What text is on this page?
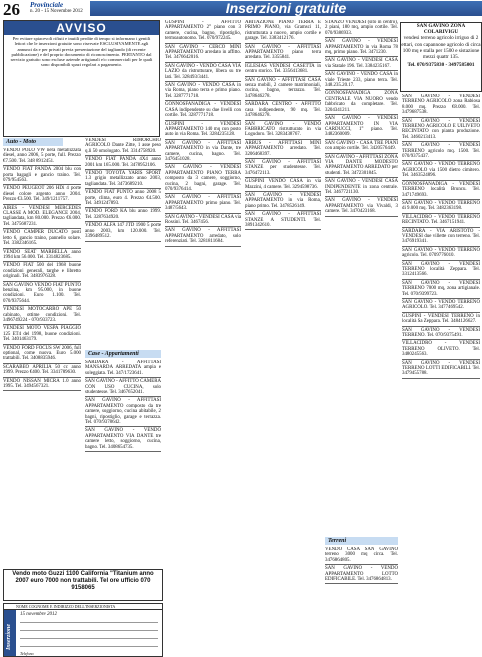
26 Provinciale
n. 20 - 15 Novembre 2012	Inserzioni gratuite
AVVISO
Per evitare spiacevoli rifiuti e inutili perdite di tempo si informano i gentili lettori che le inserzioni gratuite sono riservate ESCLUSIVAMENTE agli annunci da e per privati previa presentazione del tagliando (di recente pubblicazione) e del proprio documento di riconoscimento. PERTANTO dal servizio gratuito sono escluse aziende artigianali e/o commerciali per le quali sono disponibili spazi regolari a pagamento.
Auto - Moto

VENDO POLO VW nera metallizzata diesel, anno 2006, 5 porte, full. Prezzo €7.500. Tel. 348 8912451.

VENDO FIAT PANDA 2004 blu con porta bagagli e gancio traino. Tel. 079/954563.

VENDO PEUGEOT 206 HDi 4 porte diesel colore argento anno 2004. Prezzo €3.500. Tel. 349/1211757.

AIRES - VENDESI MERCEDES CLASSE A MOD. ELEGANCE 2004, tagliandata, km 80.000. Prezzo €6.000. Tel. 3475687231.

VENDO CAMPER DUCATO posti letto 6, gancio traino, pannello solare. Tel. 3382346165.

VENDO SEAT MARBELLA anno 1994 km 56.000. Tel. 3314823685.

VENDO FIAT 500 del 1968 buone condizioni generali, targhe e libretto originali. Tel. 3483976328.

SAN GAVINO VENDO FIAT PUNTO benzina, km 95.000, in buone condizioni. Euro 1.100. Tel. 070/9375644.

VENDESI MOTOCARRO APE 50 cabinato, ottime condizioni. Tel. 3496749224 - 070/933723.

VENDESI MOTO VESPA PIAGGIO 125 ET4 del 1998, buone condizioni. Tel. 3401463179.

VENDO FORD FOCUS SW 2006, full optional, come nuova. Euro 5.000 trattabili. Tel. 3408835946.

SCARABEO APRILIA 50 cc anno 1999. Prezzo €400. Tel. 3341789630.

VENDO NISSAN MICRA 1.0 anno 1995. Tel. 3494567321.

VENDESI RIMORCHIO AGRICOLO Dante Zitte, 1 asse peso q.li 50 omologato. Tel. 3314758920.

VENDO FIAT PANDA 4X4 anno 2001 km 165.000. Tel. 3478952106.

VENDO TOYOTA YARIS SPORT 1.3 grigio metallizzato anno 2003, tagliandata. Tel. 3473689210.

VENDO FIAT PUNTO anno 2008 5 porte, clima, euro 4. Prezzo €4.500. Tel. 3491247893.

VENDO FORD KA blu anno 1999. Tel. 3287634920.

VENDO ALFA 147 JTD 1900 5 porte anno 2003, km 120.000. Tel. 3396489512.

Case - Appartamenti

SARDARA - AFFITTASI MANSARDA ARREDATA ampia e soleggiata. Tel. 347/1723641.

SAN GAVINO - AFFITTO CAMERA CON USO CUCINA, solo studentesse. Tel. 3467652041.

SAN GAVINO - AFFITTASI APPARTAMENTO composto da tre camere, soggiorno, cucina abitabile, 2 bagni, ripostiglio, garage e terrazza. Tel. 070/9378642.

SAN GAVINO - VENDO APPARTAMENTO VIA DANTE tre camere letto, soggiorno, cucina, bagno. Tel. 3408654735.

GUSPINI - AFFITTO APPARTAMENTO 2° piano con 3 camere, cucina, bagno, ripostiglio, termoautonomo. Tel. 070/972245.

SAN GAVINO - CERCO MINI APPARTAMENTO arredato in affitto. Tel. 3476642016.

SAN GAVINO - VENDO CASA VIA LAZIO da ristrutturare, libera su tre lati. Tel. 328493/3441.

SAN GAVINO - VENDO CASA in via Roma, piano terra e primo piano. Tel. 3287771718.

GONNOSFANADIGA - VENDESI CASA indipendente su due livelli con cortile. Tel. 3287771718.

GUSPINI - VENDESI APPARTAMENTO 140 mq con posto auto in via Roma. Tel. 3284235128.

SAN GAVINO - AFFITTASI APPARTAMENTO in via Dante, tre camere, cucina, bagno. Tel. 3476451028.

SAN GAVINO - VENDESI APPARTAMENTO PIANO TERRA composto da 3 camere, soggiorno, cucina, 2 bagni, garage. Tel. 070/9376414.

SAN GAVINO - AFFITTASI APPARTAMENTO primo piano. Tel. 3487/5643.

SAN GAVINO - VENDESI CASA via Rossini. Tel. 3467456.

SAN GAVINO - AFFITTASI APPARTAMENTO arredato, solo referenziati. Tel. 3281811684.

ABITAZIONE PIANO TERRA E PRIMO PIANO, via Gramsci 11, ristrutturata a nuovo, ampio cortile e garage. Tel. 3383412176.

SAN GAVINO - AFFITTASI APPARTAMENTO piano terra arredato. Tel. 3355841.

IGLESIAS VENDESI CASETTA in centro storico. Tel. 3356413681.

SAN GAVINO - AFFITTASI CASA senza mobili, 2 camere matrimoniali, cucina, bagno, terrazzo. Tel. 3478646278.

SARDARA CENTRO - AFFITTO casa indipendente, 90 mq. Tel. 3478646278.

SAN GAVINO - VENDO FABBRICATO ristrutturato in via Logudoro. Tel. 3283438767.

ARBUS - AFFITTASI MINI APPARTAMENTO arredato. Tel. 3206468397.

SAN GAVINO - AFFITTASI STANZE per studentesse. Tel. 3476472113.

GUSPINI VENDO CASA in via Mazzini, 4 camere. Tel. 3294598736.

SAN GAVINO - VENDESI APPARTAMENTO in via Roma, piano primo. Tel. 3478526149.

SAN GAVINO - AFFITTASI STANZE A STUDENTI. Tel. 3891342610.

STANZO VENDESI (sito in centro), 2 piani, 180 mq, ampio cortile. Tel. 070/9386933.

SAN GAVINO - VENDESI APPARTAMENTO in via Roma 78 mq, primo piano. Tel. 3471230.

SAN GAVINO - VENDESI CASA via Statale 196. Tel. 3384235167.

SAN GAVINO - VENDO CASA in viale Trieste 233, piano terra. Tel. 348.235.20.17.

GONNOSFANADIGA ZONA CENTRALE VIA NUORO vendo fabbricato da completare. Tel. 3204341211.

SAN GAVINO - VENDESI APPARTAMENTO IN VIA CARDUCCI, 1° piano. Tel. 3482360009.

SAN GAVINO - CASA TRE PIANI con ampio cortile. Tel. 3420576449.

SAN GAVINO - AFFITTASI ZONA VIA DANTE MODESTO APPARTAMENTO ARREDATO per studenti. Tel. 3472301845.

SAN GAVINO - VENDESI CASA INDIPENDENTE in zona centrale. Tel. 3467721130.

SAN GAVINO - VENDESI APPARTAMENTO via Vivaldi, 3 camere. Tel. 3470423168.

Terreni

VENDO CASA SAN GAVINO terreno 3000 mq circa. Tel. 3476864805.

SAN GAVINO - VENDO APPARTAMENTO LOTTO EDIFICABILE. Tel. 3476864813.

SAN GAVINO ZONA COLARIVIGU
vendesi terreno agricolo irriguo di 2 ettari, con capannone agricolo di circa 100 mq e stalla per 1500 e sistazione mezzi quattr 135.
Tel. 070/9375830 - 3497585001

SAN GAVINO - VENDESI TERRENO AGRICOLO zona Rabiosa 8.000 mq. Prezzo €8.000. Tel. 3479687538.

SAN GAVINO - VENDESI TERRENO AGRICOLO E UILIVETO RECINTATO con pianta produzione. Tel. 3460213413.

SAN GAVINO - VENDESI TERRENO agricolo mq. 1500. Tel. 070/9375437.

SAN GAVINO - VENDO TERRENO AGRICOLO via 1500 dietro cimitero. Tel. 3463524896.

GONNOSFANADIGA - VENDESI TERRENO località Bruncu. Tel. 3471749693.

SAN GAVINO - VENDO TERRENO di 9.000 mq. Tel. 3482363198.

VILLACIDRO - VENDO TERRENO RECINTATO. Tel. 3467151941.

SARDARA - VIA ARISTOTO - VENDESI due villette con terreno. Tel. 3476919341.

SAN GAVINO - VENDO TERRENO agricolo. Tel. 0709776010.

SAN GAVINO - VENDESI TERRENO località Zeppara. Tel. 3312413566.

SAN GAVINO - VENDESI TERRENO 7000 mq, zona artigianale. Tel. 070/9399723.

SAN GAVINO - VENDO TERRENO AGRICOLO. Tel. 3477469542.

GUSPINI - VENDESI TERRENO in località Sa Zeppara. Tel. 3484126627.

SAN GAVINO - VENDESI TERRENO. Tel. 070/9375491.

VILLACIDRO - VENDESI TERRENO OLIVETO. Tel. 3480245563.

SAN GAVINO - VENDESI TERRENO LOTTI EDIFICABILI. Tel. 3479455788.

Vendo moto Guzzi 1100 California "Titanium anno 2007 euro 7000 non trattabili. Tel ore ufficio 070 9158065
NOME COGNOME E INDIRIZZO DELL'INSERZIONISTA
Inserzione
15 novembre 2012
Telefono
